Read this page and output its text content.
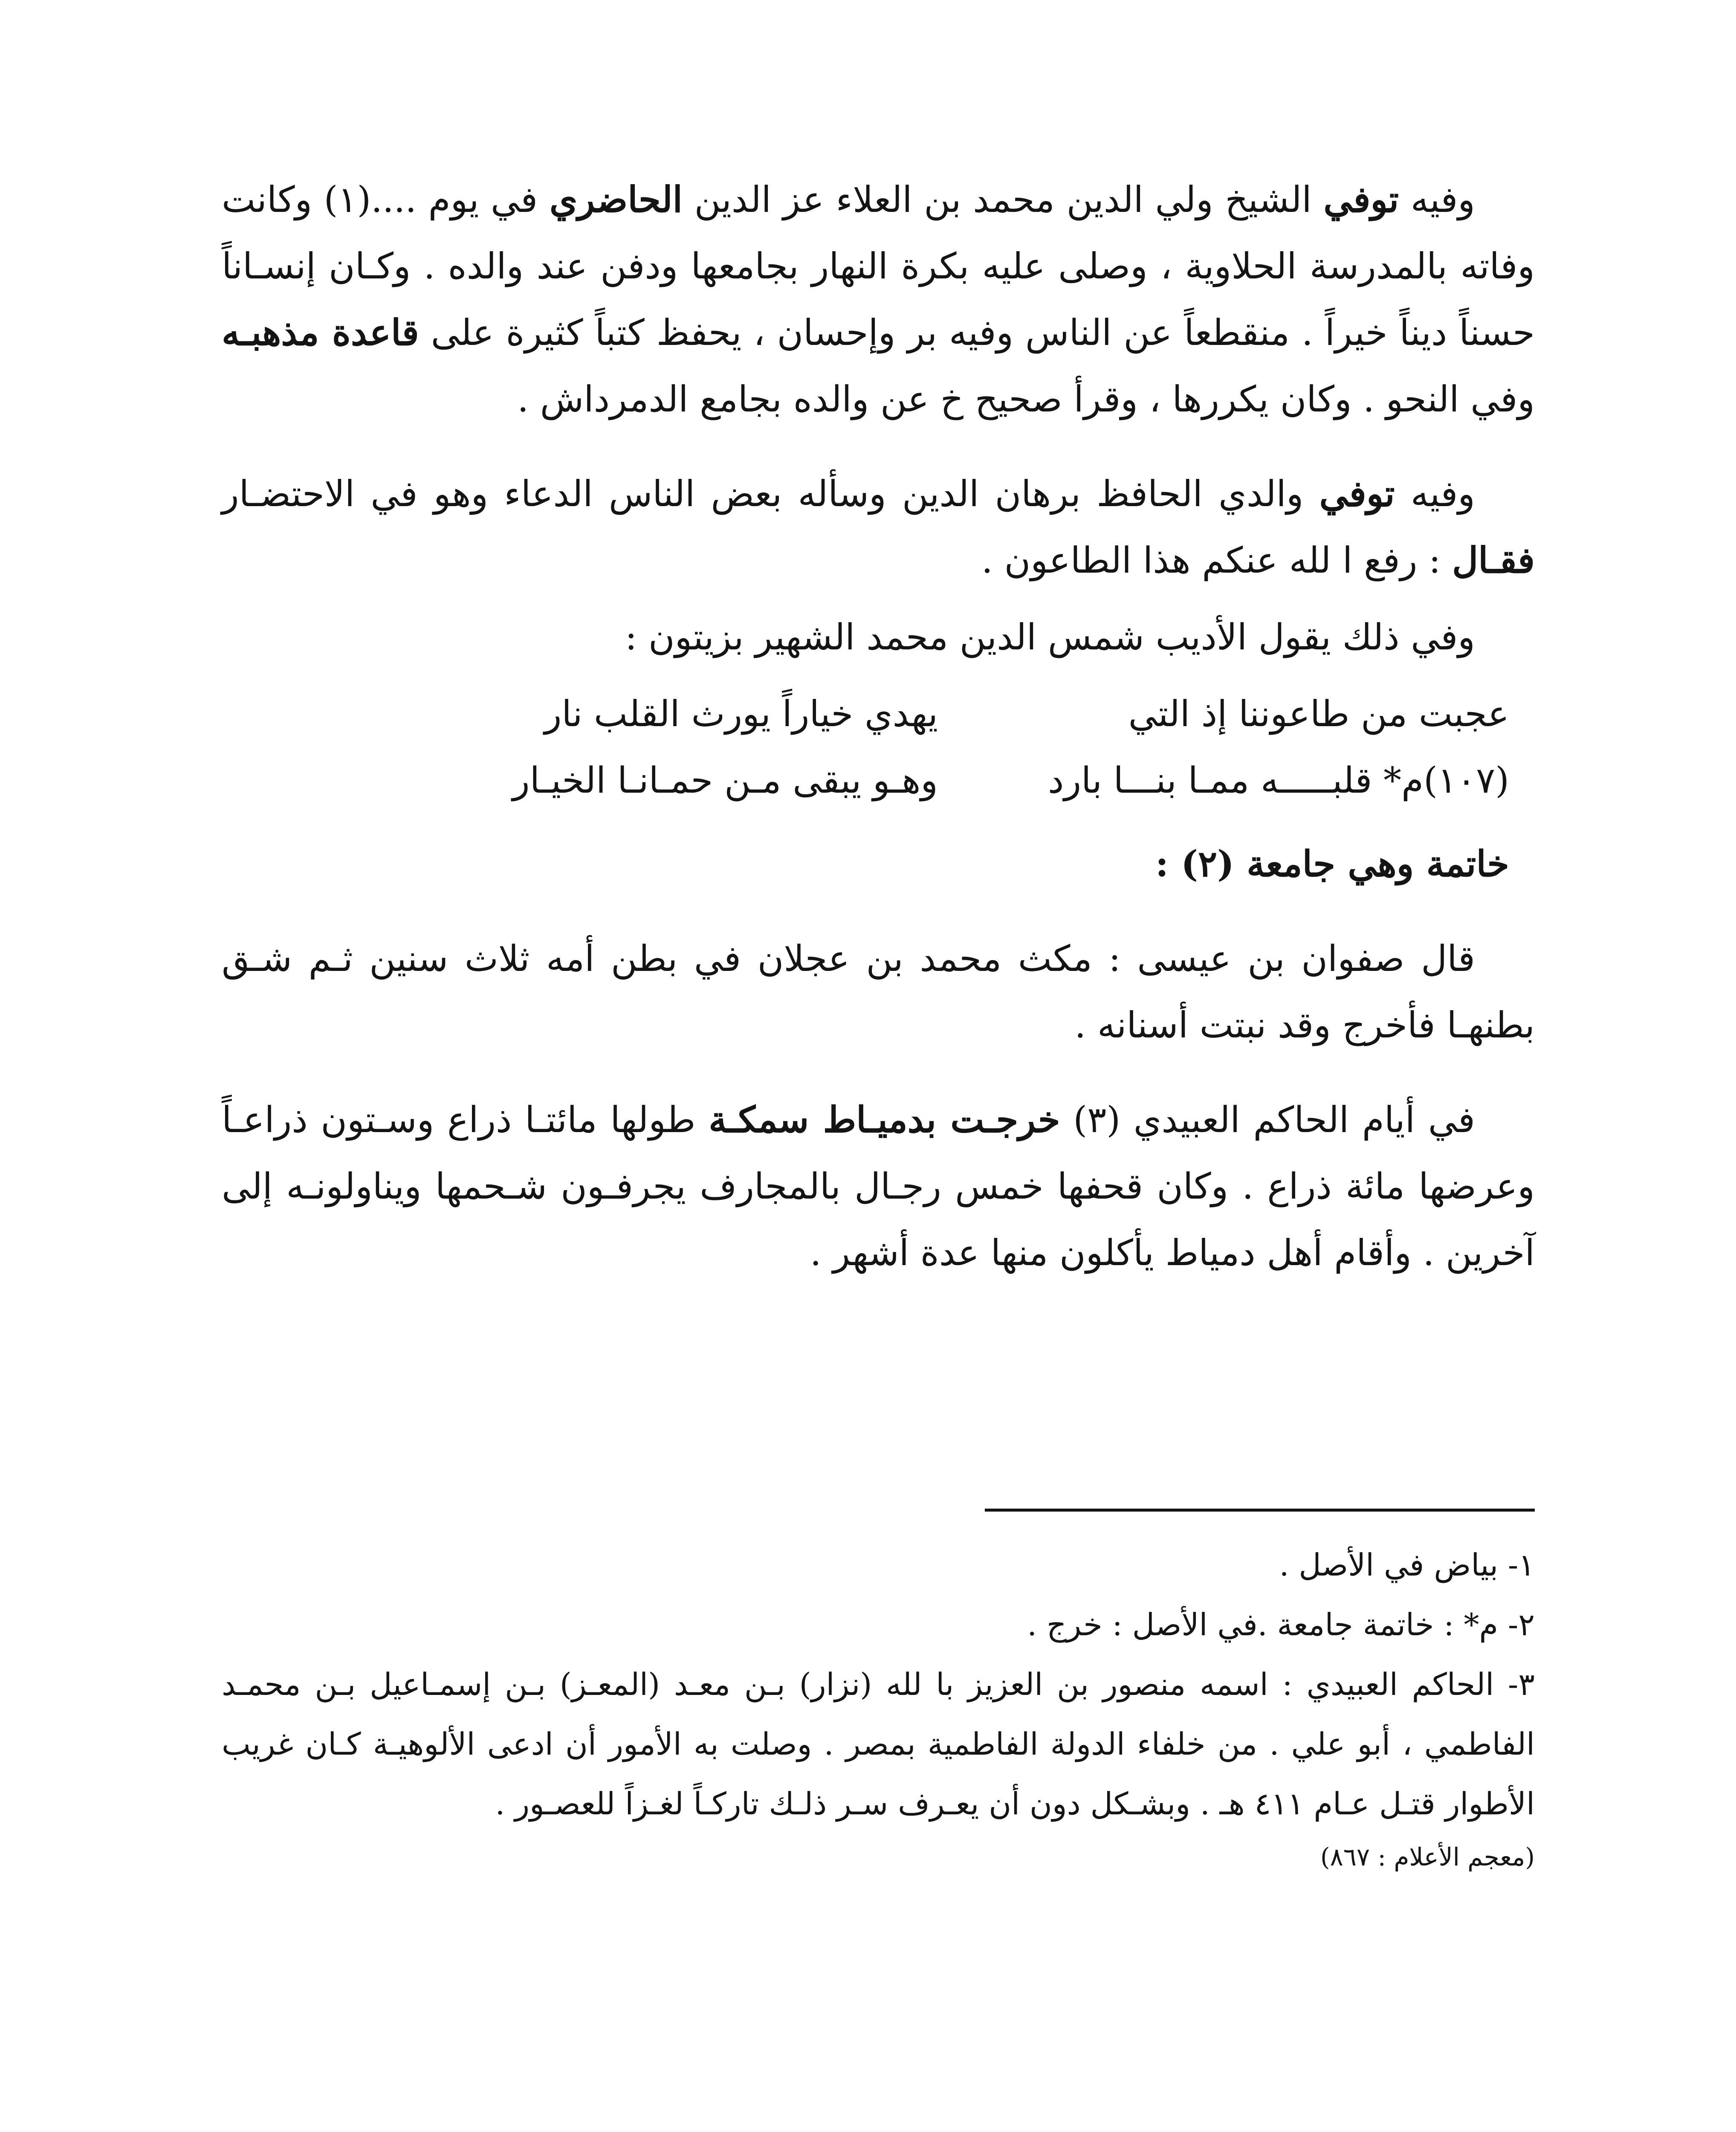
وفيه توفي الشيخ ولي الدين محمد بن العلاء عز الدين الحاضري في يوم ....(١) وكانت وفاته بالمدرسة الحلاوية ، وصلى عليه بكرة النهار بجامعها ودفن عند والده . وكـان إنسـاناً حسناً ديناً خيراً . منقطعاً عن الناس وفيه بر وإحسان ، يحفظ كتباً كثيرة على قاعدة مذهبـه وفي النحو . وكان يكررها ، وقرأ صحيح خ عن والده بجامع الدمرداش .

وفيه توفي والدي الحافظ برهان الدين وسأله بعض الناس الدعاء وهو في الاحتضـار فقـال : رفع ا لله عنكم هذا الطاعون .

وفي ذلك يقول الأديب شمس الدين محمد الشهير بزيتون :

عجبت من طاعوننا إذ التي
يهدي خياراً يورث القلب نار
(١٠٧)م* قلبـــــه ممـا بنـــا بارد
وهـو يبقى مـن حمـانـا الخيـار

خاتمة وهي جامعة (٢) :

قال صفوان بن عيسى : مكث محمد بن عجلان في بطن أمه ثلاث سنين ثـم شـق بطنهـا فأخرج وقد نبتت أسنانه .

في أيام الحاكم العبيدي (٣) خرجـت بدميـاط سمكـة طولها مائتـا ذراع وسـتون ذراعـاً وعرضها مائة ذراع . وكان قحفها خمس رجـال بالمجارف يجرفـون شـحمها ويناولونـه إلى آخرين . وأقام أهل دمياط يأكلون منها عدة أشهر .

١- بياض في الأصل .

٢- م* : خاتمة جامعة .في الأصل : خرج .

٣- الحاكم العبيدي : اسمه منصور بن العزيز با لله (نزار) بـن معـد (المعـز) بـن إسمـاعيل بـن محمـد الفاطمي ، أبو علي . من خلفاء الدولة الفاطمية بمصر . وصلت به الأمور أن ادعى الألوهيـة كـان غريب الأطوار قتـل عـام ٤١١ هـ . وبشـكل دون أن يعـرف سـر ذلـك تاركـاً لغـزاً للعصـور .

(معجم الأعلام : ٨٦٧)
